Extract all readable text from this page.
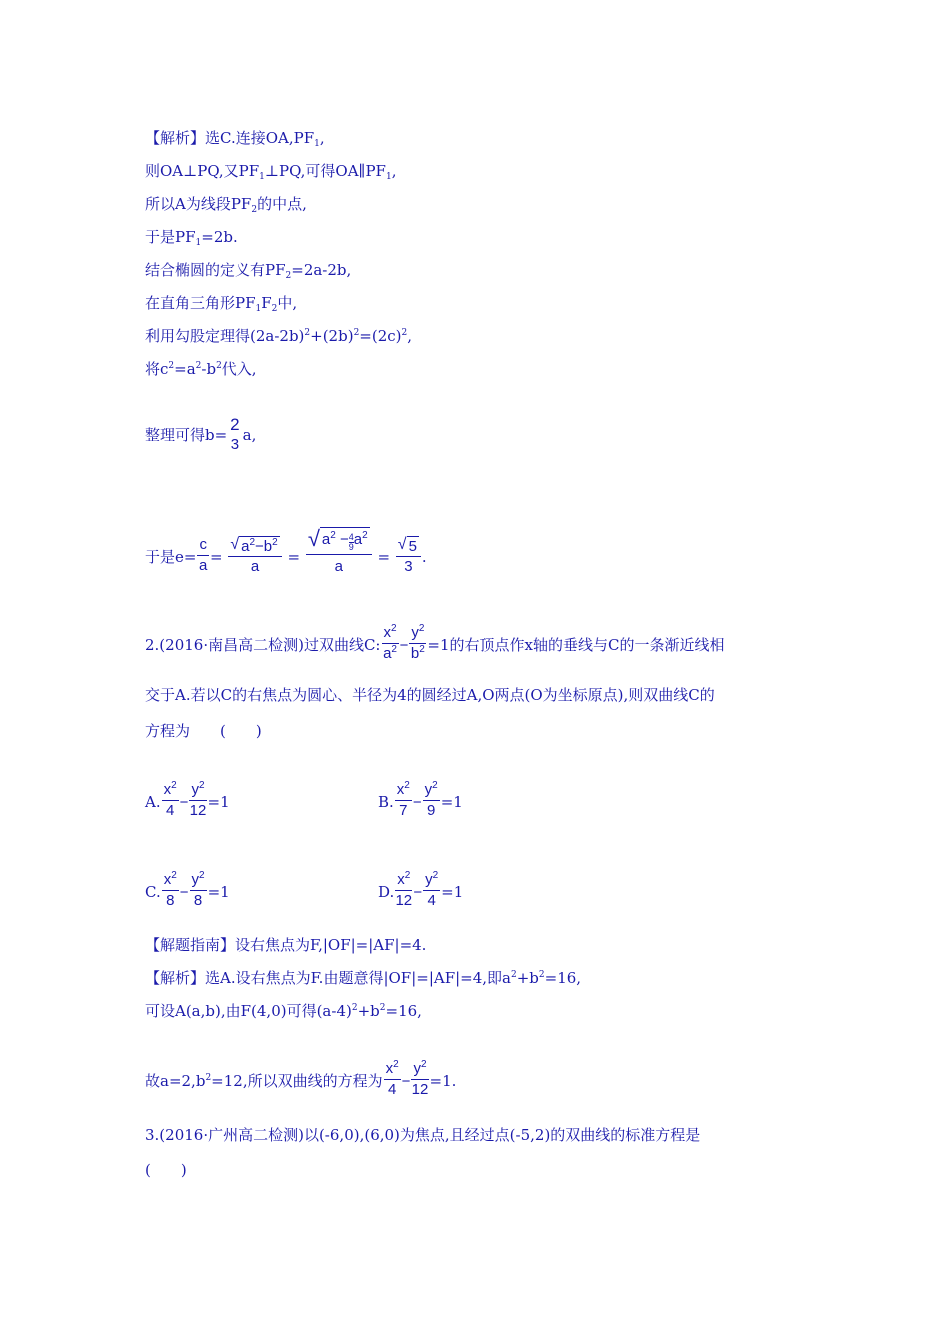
【解析】选C.连接$OA,PF_1$,
则OA⊥PQ,又$PF_1\perp PQ$,可得$OA\parallel PF_1$,
所以A为线段$PF_2$的中点,
于是$PF_1=2b$.
结合椭圆的定义有$PF_2=2a-2b$,
在直角三角形$PF_1F_2$中,
利用勾股定理得$(2a-2b)^2+(2b)^2=(2c)^2$,
将$c^2=a^2-b^2$代入,
整理可得b=
2
3
a,
于是$e= \frac{c}{a} = \frac{√ a^2-b^2}{a} = \frac{√ a^2 - \frac{4}{9} a^2}{a} = \frac{√ 5}{3}$ .
2.(2016·南昌高二检测)过双曲线C: $\frac{x^2}{a^2} - \frac{y^2}{b^2} =1$的右顶点作x轴的垂线与C的一条渐近线相
交于A.若以C的右焦点为圆心、半径为4的圆经过A,O两点(O为坐标原点),则双曲线C的
方程为　　(　　)
A. $\frac{x^2}{4} - \frac{y^2}{12} =1$	B. $\frac{x^2}{7} - \frac{y^2}{9} =1$
C. $\frac{x^2}{8} - \frac{y^2}{8} =1$	D. $\frac{x^2}{12} - \frac{y^2}{4} =1$
【解题指南】设右焦点为F,|OF|=|AF|=4.
【解析】选A.设右焦点为F.由题意得|OF|=|AF|=4,即$a^2+b^2=16$,
可设A(a,b),由F(4,0)可得$(a-4)^2+b^2=16$,
故$a=2,b^2=12$,所以双曲线的方程为 $\frac{x^2}{4} - \frac{y^2}{12} =1$.
3.(2016·广州高二检测)以(-6,0),(6,0)为焦点,且经过点(-5,2)的双曲线的标准方程是
(　　)
